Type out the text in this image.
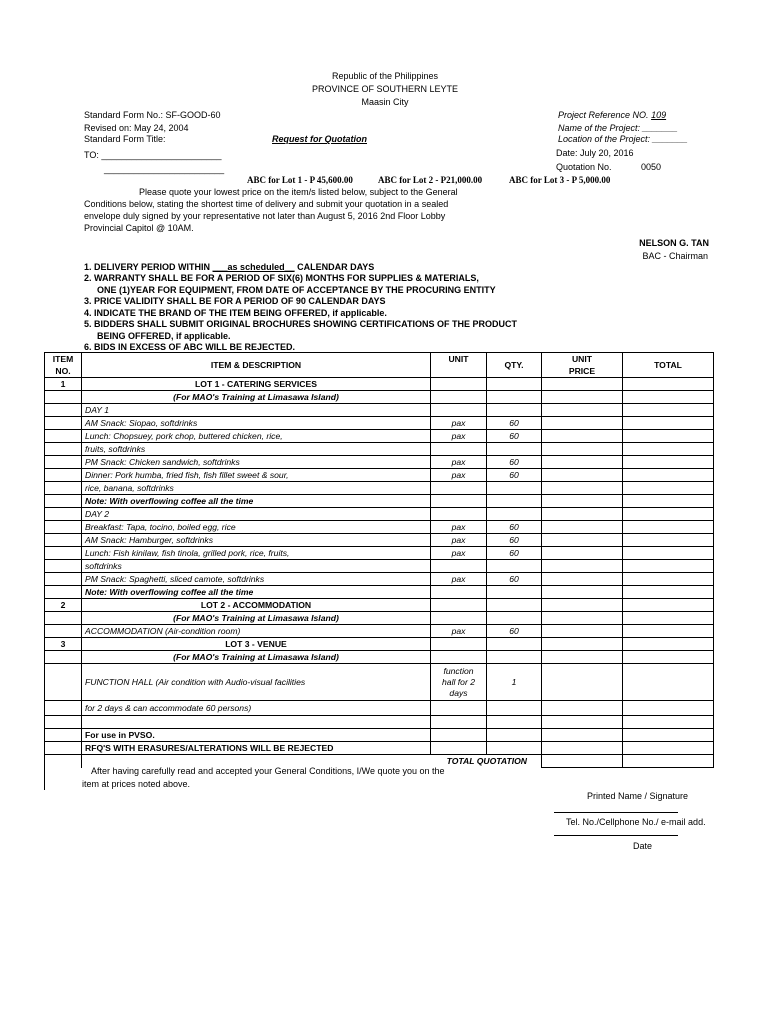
Republic of the Philippines
PROVINCE OF SOUTHERN LEYTE
Maasin City
Standard Form No.: SF-GOOD-60
Revised on: May 24, 2004
Standard Form Title:	Request for Quotation
TO: ________________________
________________________
Project Reference NO. 109
Name of the Project: _______
Location of the Project: _______
Date: July 20, 2016
Quotation No.	0050
ABC for Lot 1 - P 45,600.00	ABC for Lot 2 - P21,000.00	ABC for Lot 3 - P 5,000.00
Please quote your lowest price on the item/s listed below, subject to the General
Conditions below, stating the shortest time of delivery and submit your quotation in a sealed
envelope duly signed by your representative not later than August 5, 2016 2nd Floor Lobby
Provincial Capitol @ 10AM.
NELSON G. TAN
BAC - Chairman
1. DELIVERY PERIOD WITHIN ___as scheduled__ CALENDAR DAYS
2. WARRANTY SHALL BE FOR A PERIOD OF SIX(6) MONTHS FOR SUPPLIES & MATERIALS,
ONE (1)YEAR FOR EQUIPMENT, FROM DATE OF ACCEPTANCE BY THE PROCURING ENTITY
3. PRICE VALIDITY SHALL BE FOR A PERIOD OF 90 CALENDAR DAYS
4. INDICATE THE BRAND OF THE ITEM BEING OFFERED, if applicable.
5. BIDDERS SHALL SUBMIT ORIGINAL BROCHURES SHOWING CERTIFICATIONS OF THE PRODUCT
BEING OFFERED, if applicable.
6. BIDS IN EXCESS OF ABC WILL BE REJECTED.
ITEM	ITEM & DESCRIPTION	UNIT	QTY.	UNIT	TOTAL
NO.				PRICE	
1	LOT 1 - CATERING SERVICES				
	(For MAO's Training at Limasawa Island)				
	DAY 1				
	AM Snack: Siopao, softdrinks	pax	60		
	Lunch: Chopsuey, pork chop, buttered chicken, rice,	pax	60		
	fruits, softdrinks				
	PM Snack: Chicken sandwich, softdrinks	pax	60		
	Dinner: Pork humba, fried fish, fish fillet sweet & sour,	pax	60		
	rice, banana, softdrinks				
	Note: With overflowing coffee all the time				
	DAY 2				
	Breakfast: Tapa, tocino, boiled egg, rice	pax	60		
	AM Snack: Hamburger, softdrinks	pax	60		
	Lunch: Fish kinilaw, fish tinola, grilled pork, rice, fruits,	pax	60		
	softdrinks				
	PM Snack: Spaghetti, sliced camote, softdrinks	pax	60		
	Note: With overflowing coffee all the time				
2	LOT 2 - ACCOMMODATION				
	(For MAO's Training at Limasawa Island)				
	ACCOMMODATION (Air-condition room)	pax	60		
3	LOT 3 - VENUE				
	(For MAO's Training at Limasawa Island)				
	FUNCTION HALL (Air condition with Audio-visual facilities	function
hall for 2
days	1		
	for 2 days & can accommodate 60 persons)				

	For use in PVSO.				
	RFQ'S WITH ERASURES/ALTERATIONS WILL BE REJECTED				
	TOTAL QUOTATION				
After having carefully read and accepted your General Conditions, I/We quote you on the
item at prices noted above.
Printed Name / Signature
Tel. No./Cellphone No./ e-mail add.
Date
